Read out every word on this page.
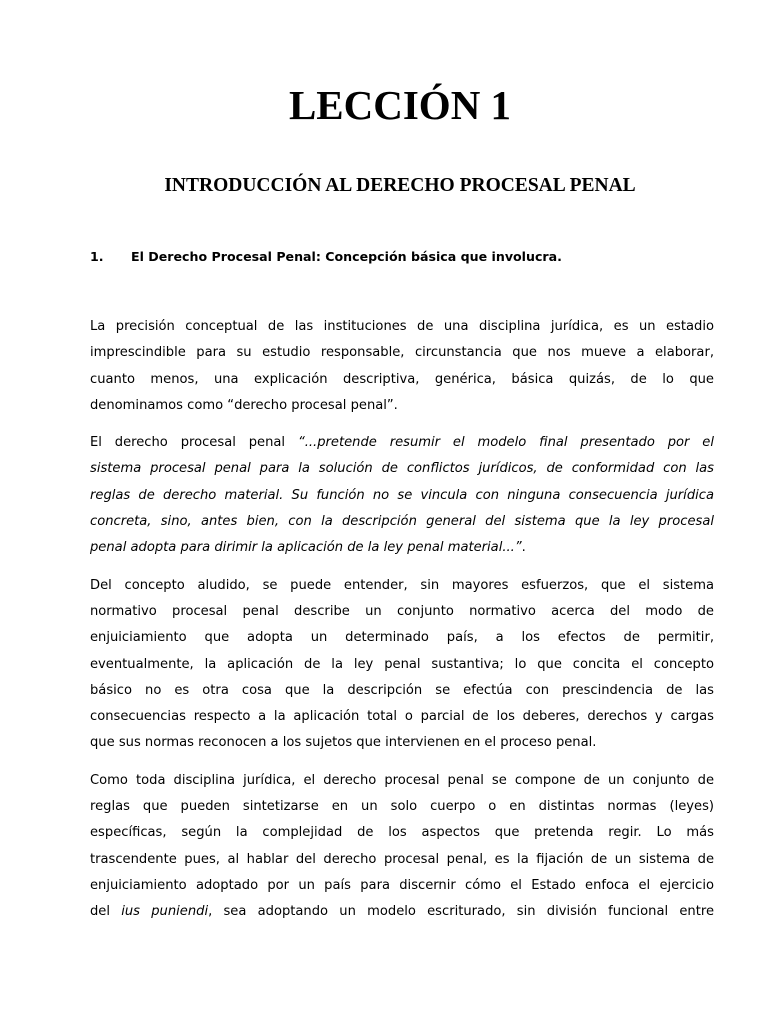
LECCIÓN 1
INTRODUCCIÓN AL DERECHO PROCESAL PENAL
1. El Derecho Procesal Penal: Concepción básica que involucra.

La precisión conceptual de las instituciones de una disciplina jurídica, es un estadio
imprescindible para su estudio responsable, circunstancia que nos mueve a elaborar,
cuanto menos, una explicación descriptiva, genérica, básica quizás, de lo que
denominamos como “derecho procesal penal”.

El derecho procesal penal “...pretende resumir el modelo final presentado por el
sistema procesal penal para la solución de conflictos jurídicos, de conformidad con las
reglas de derecho material. Su función no se vincula con ninguna consecuencia jurídica
concreta, sino, antes bien, con la descripción general del sistema que la ley procesal
penal adopta para dirimir la aplicación de la ley penal material...”.

Del concepto aludido, se puede entender, sin mayores esfuerzos, que el sistema
normativo procesal penal describe un conjunto normativo acerca del modo de
enjuiciamiento que adopta un determinado país, a los efectos de permitir,
eventualmente, la aplicación de la ley penal sustantiva; lo que concita el concepto
básico no es otra cosa que la descripción se efectúa con prescindencia de las
consecuencias respecto a la aplicación total o parcial de los deberes, derechos y cargas
que sus normas reconocen a los sujetos que intervienen en el proceso penal.

Como toda disciplina jurídica, el derecho procesal penal se compone de un conjunto de
reglas que pueden sintetizarse en un solo cuerpo o en distintas normas (leyes)
específicas, según la complejidad de los aspectos que pretenda regir. Lo más
trascendente pues, al hablar del derecho procesal penal, es la fijación de un sistema de
enjuiciamiento adoptado por un país para discernir cómo el Estado enfoca el ejercicio
del ius puniendi, sea adoptando un modelo escriturado, sin división funcional entre
